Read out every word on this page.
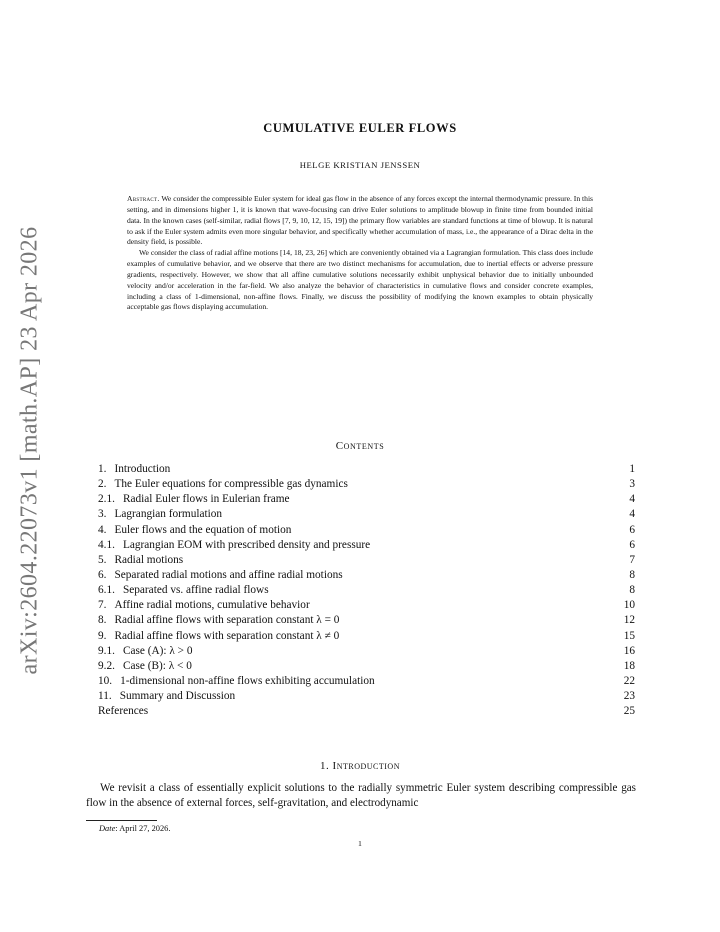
arXiv:2604.22073v1 [math.AP] 23 Apr 2026
CUMULATIVE EULER FLOWS
HELGE KRISTIAN JENSSEN

Abstract. We consider the compressible Euler system for ideal gas flow in the absence of any forces except the internal thermodynamic pressure. In this setting, and in dimensions higher 1, it is known that wave-focusing can drive Euler solutions to amplitude blowup in finite time from bounded initial data. In the known cases (self-similar, radial flows [7, 9, 10, 12, 15, 19]) the primary flow variables are standard functions at time of blowup. It is natural to ask if the Euler system admits even more singular behavior, and specifically whether accumulation of mass, i.e., the appearance of a Dirac delta in the density field, is possible.

We consider the class of radial affine motions [14, 18, 23, 26] which are conveniently obtained via a Lagrangian formulation. This class does include examples of cumulative behavior, and we observe that there are two distinct mechanisms for accumulation, due to inertial effects or adverse pressure gradients, respectively. However, we show that all affine cumulative solutions necessarily exhibit unphysical behavior due to initially unbounded velocity and/or acceleration in the far-field. We also analyze the behavior of characteristics in cumulative flows and consider concrete examples, including a class of 1-dimensional, non-affine flows. Finally, we discuss the possibility of modifying the known examples to obtain physically acceptable gas flows displaying accumulation.

Contents
1. Introduction	1
2. The Euler equations for compressible gas dynamics	3
2.1. Radial Euler flows in Eulerian frame	4
3. Lagrangian formulation	4
4. Euler flows and the equation of motion	6
4.1. Lagrangian EOM with prescribed density and pressure	6
5. Radial motions	7
6. Separated radial motions and affine radial motions	8
6.1. Separated vs. affine radial flows	8
7. Affine radial motions, cumulative behavior	10
8. Radial affine flows with separation constant λ = 0	12
9. Radial affine flows with separation constant λ ≠ 0	15
9.1. Case (A): λ > 0	16
9.2. Case (B): λ < 0	18
10. 1-dimensional non-affine flows exhibiting accumulation	22
11. Summary and Discussion	23
References	25
1. Introduction

We revisit a class of essentially explicit solutions to the radially symmetric Euler system describing compressible gas flow in the absence of external forces, self-gravitation, and electrodynamic

Date: April 27, 2026.
1
